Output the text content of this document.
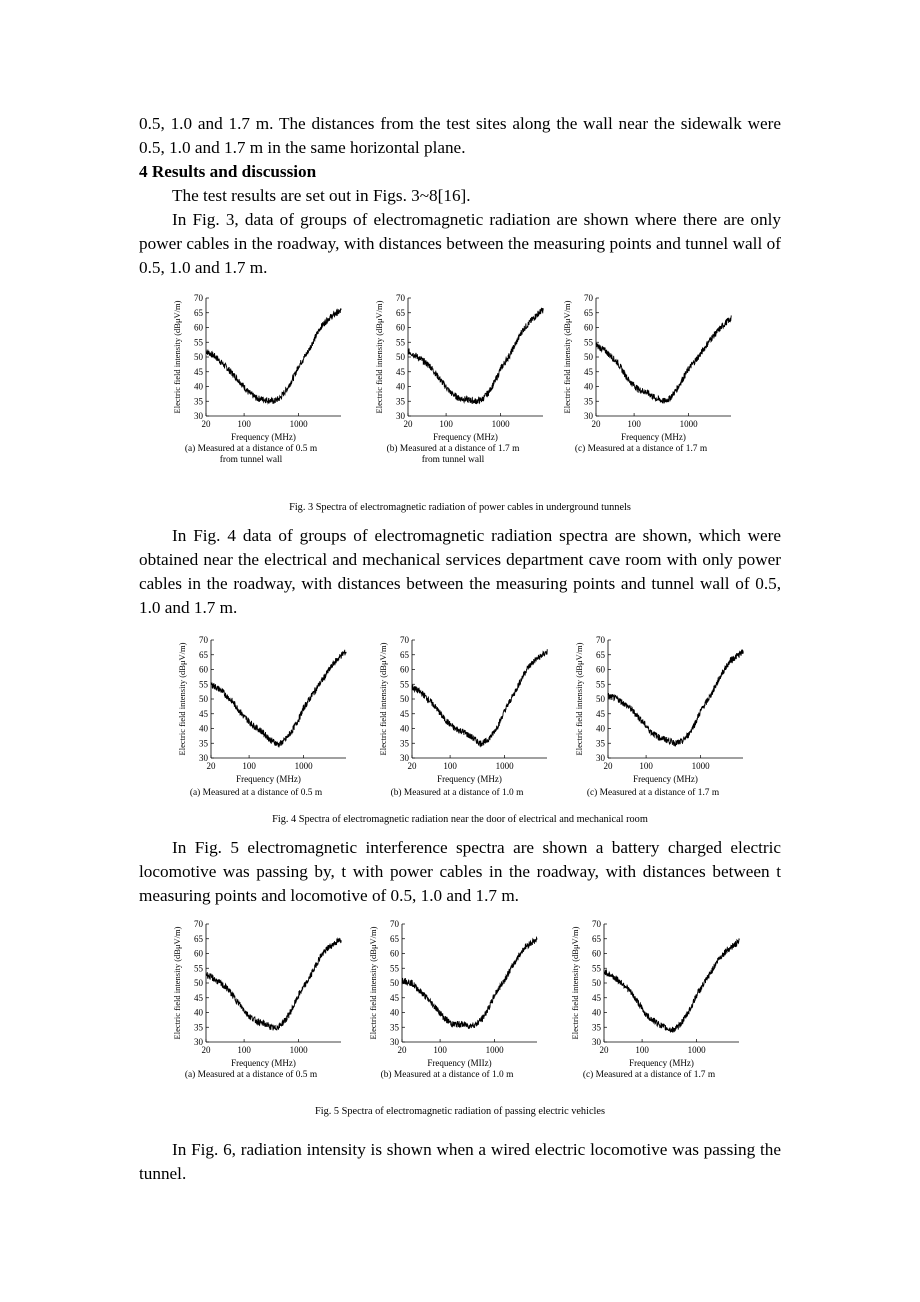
0.5, 1.0 and 1.7 m. The distances from the test sites along the wall near the sidewalk were 0.5, 1.0 and 1.7 m in the same horizontal plane.

4 Results and discussion

The test results are set out in Figs. 3~8[16].

In Fig. 3, data of groups of electromagnetic radiation are shown where there are only power cables in the roadway, with distances between the measuring points and tunnel wall of 0.5, 1.0 and 1.7 m.

30
35
40
45
50
55
60
65
70
20	100	1000
Frequency (MHz)
Electric field intensity (dBμV/m)
(a) Measured at a distance of 0.5 m
from tunnel wall
30
35
40
45
50
55
60
65
70
20	100	1000
Frequency (MHz)
Electric field intensity (dBμV/m)
(b) Measured at a distance of 1.7 m
from tunnel wall
30
35
40
45
50
55
60
65
70
20	100	1000
Frequency (MHz)
Electric field intensity (dBμV/m)
(c) Measured at a distance of 1.7 m
Fig. 3 Spectra of electromagnetic radiation of power cables in underground tunnels

In Fig. 4 data of groups of electromagnetic radiation spectra are shown, which were obtained near the electrical and mechanical services department cave room with only power cables in the roadway, with distances between the measuring points and tunnel wall of 0.5, 1.0 and 1.7 m.

30
35
40
45
50
55
60
65
70
20	100	1000
Frequency (MHz)
Electric field intensity (dBμV/m)
(a) Measured at a distance of 0.5 m
30
35
40
45
50
55
60
65
70
20	100	1000
Frequency (MHz)
Electric field intensity (dBμV/m)
(b) Measured at a distance of 1.0 m
30
35
40
45
50
55
60
65
70
20	100	1000
Frequency (MHz)
Electric field intensity (dBμV/m)
(c) Measured at a distance of 1.7 m
Fig. 4 Spectra of electromagnetic radiation near the door of electrical and mechanical room

In Fig. 5 electromagnetic interference spectra are shown a battery charged electric locomotive was passing by, t with power cables in the roadway, with distances between t measuring points and locomotive of 0.5, 1.0 and 1.7 m.

30
35
40
45
50
55
60
65
70
20	100	1000
Frequency (MHz)
Electric field intensity (dBμV/m)
(a) Measured at a distance of 0.5 m
30
35
40
45
50
55
60
65
70
20	100	1000
Frequency (MIIz)
Electric field intensity (dBμV/m)
(b) Measured at a distance of 1.0 m
30
35
40
45
50
55
60
65
70
20	100	1000
Frequency (MHz)
Electric field intensity (dBμV/m)
(c) Measured at a distance of 1.7 m
Fig. 5 Spectra of electromagnetic radiation of passing electric vehicles

In Fig. 6, radiation intensity is shown when a wired electric locomotive was passing the tunnel.
